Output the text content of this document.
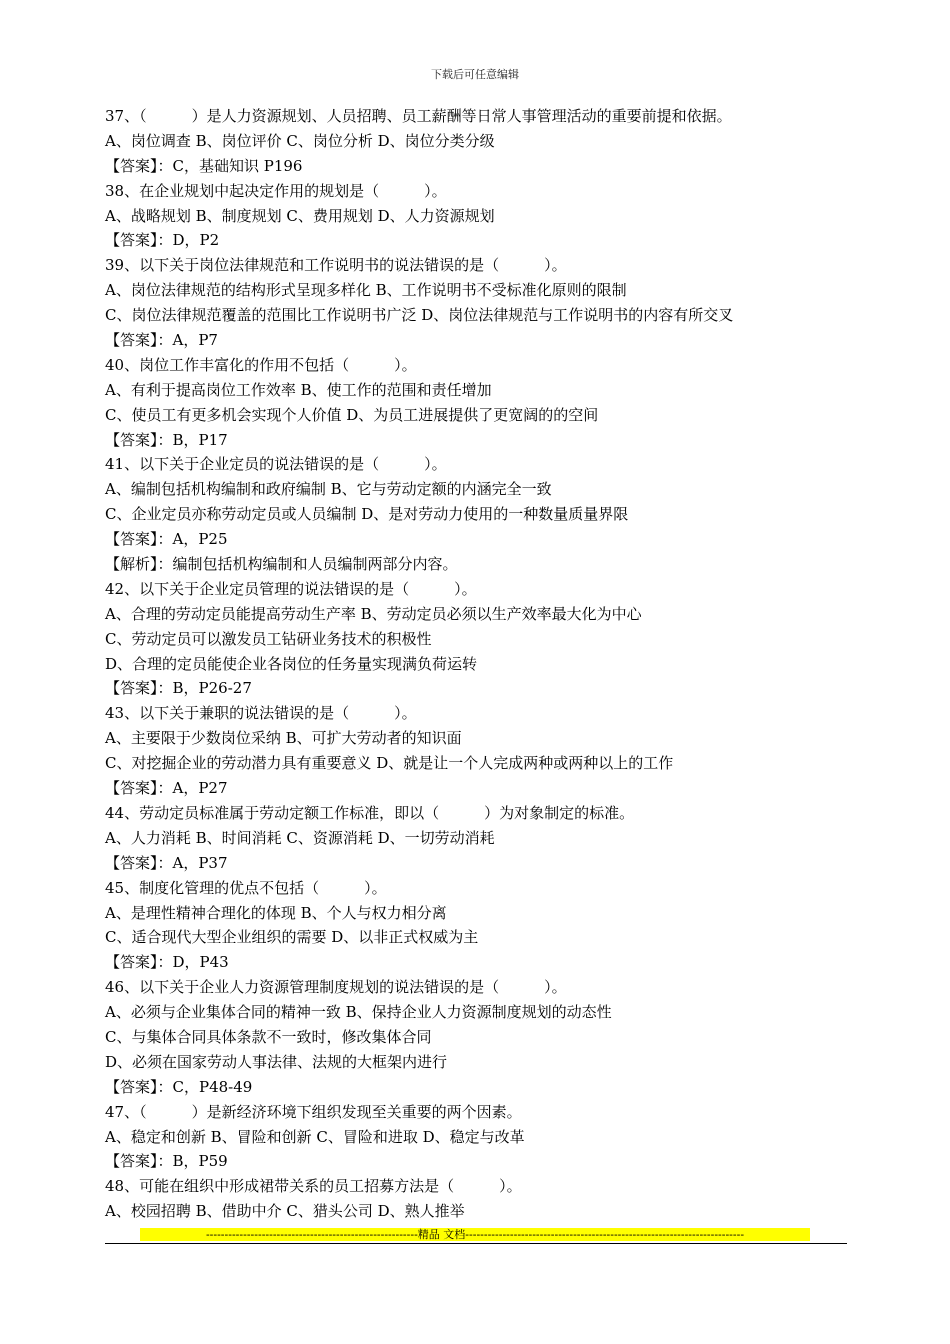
下载后可任意编辑
37、（　　　）是人力资源规划、人员招聘、员工薪酬等日常人事管理活动的重要前提和依据。
A、岗位调查 B、岗位评价 C、岗位分析 D、岗位分类分级
【答案】：C，基础知识 P196
38、在企业规划中起决定作用的规划是（　　　）。
A、战略规划 B、制度规划 C、费用规划 D、人力资源规划
【答案】：D，P2
39、以下关于岗位法律规范和工作说明书的说法错误的是（　　　）。
A、岗位法律规范的结构形式呈现多样化 B、工作说明书不受标准化原则的限制
C、岗位法律规范覆盖的范围比工作说明书广泛 D、岗位法律规范与工作说明书的内容有所交叉
【答案】：A，P7
40、岗位工作丰富化的作用不包括（　　　）。
A、有利于提高岗位工作效率 B、使工作的范围和责任增加
C、使员工有更多机会实现个人价值 D、为员工进展提供了更宽阔的的空间
【答案】：B，P17
41、以下关于企业定员的说法错误的是（　　　）。
A、编制包括机构编制和政府编制 B、它与劳动定额的内涵完全一致
C、企业定员亦称劳动定员或人员编制 D、是对劳动力使用的一种数量质量界限
【答案】：A，P25
【解析】：编制包括机构编制和人员编制两部分内容。
42、以下关于企业定员管理的说法错误的是（　　　）。
A、合理的劳动定员能提高劳动生产率 B、劳动定员必须以生产效率最大化为中心
C、劳动定员可以激发员工钻研业务技术的积极性
D、合理的定员能使企业各岗位的任务量实现满负荷运转
【答案】：B，P26-27
43、以下关于兼职的说法错误的是（　　　）。
A、主要限于少数岗位采纳 B、可扩大劳动者的知识面
C、对挖掘企业的劳动潜力具有重要意义 D、就是让一个人完成两种或两种以上的工作
【答案】：A，P27
44、劳动定员标准属于劳动定额工作标准，即以（　　　）为对象制定的标准。
A、人力消耗 B、时间消耗 C、资源消耗 D、一切劳动消耗
【答案】：A，P37
45、制度化管理的优点不包括（　　　）。
A、是理性精神合理化的体现 B、个人与权力相分离
C、适合现代大型企业组织的需要 D、以非正式权威为主
【答案】：D，P43
46、以下关于企业人力资源管理制度规划的说法错误的是（　　　）。
A、必须与企业集体合同的精神一致 B、保持企业人力资源制度规划的动态性
C、与集体合同具体条款不一致时，修改集体合同
D、必须在国家劳动人事法律、法规的大框架内进行
【答案】：C，P48-49
47、（　　　）是新经济环境下组织发现至关重要的两个因素。
A、稳定和创新 B、冒险和创新 C、冒险和进取 D、稳定与改革
【答案】：B，P59
48、可能在组织中形成裙带关系的员工招募方法是（　　　）。
A、校园招聘 B、借助中介 C、猎头公司 D、熟人推举
---------------------------------------------------------精品 文档---------------------------------------------------------------------------
